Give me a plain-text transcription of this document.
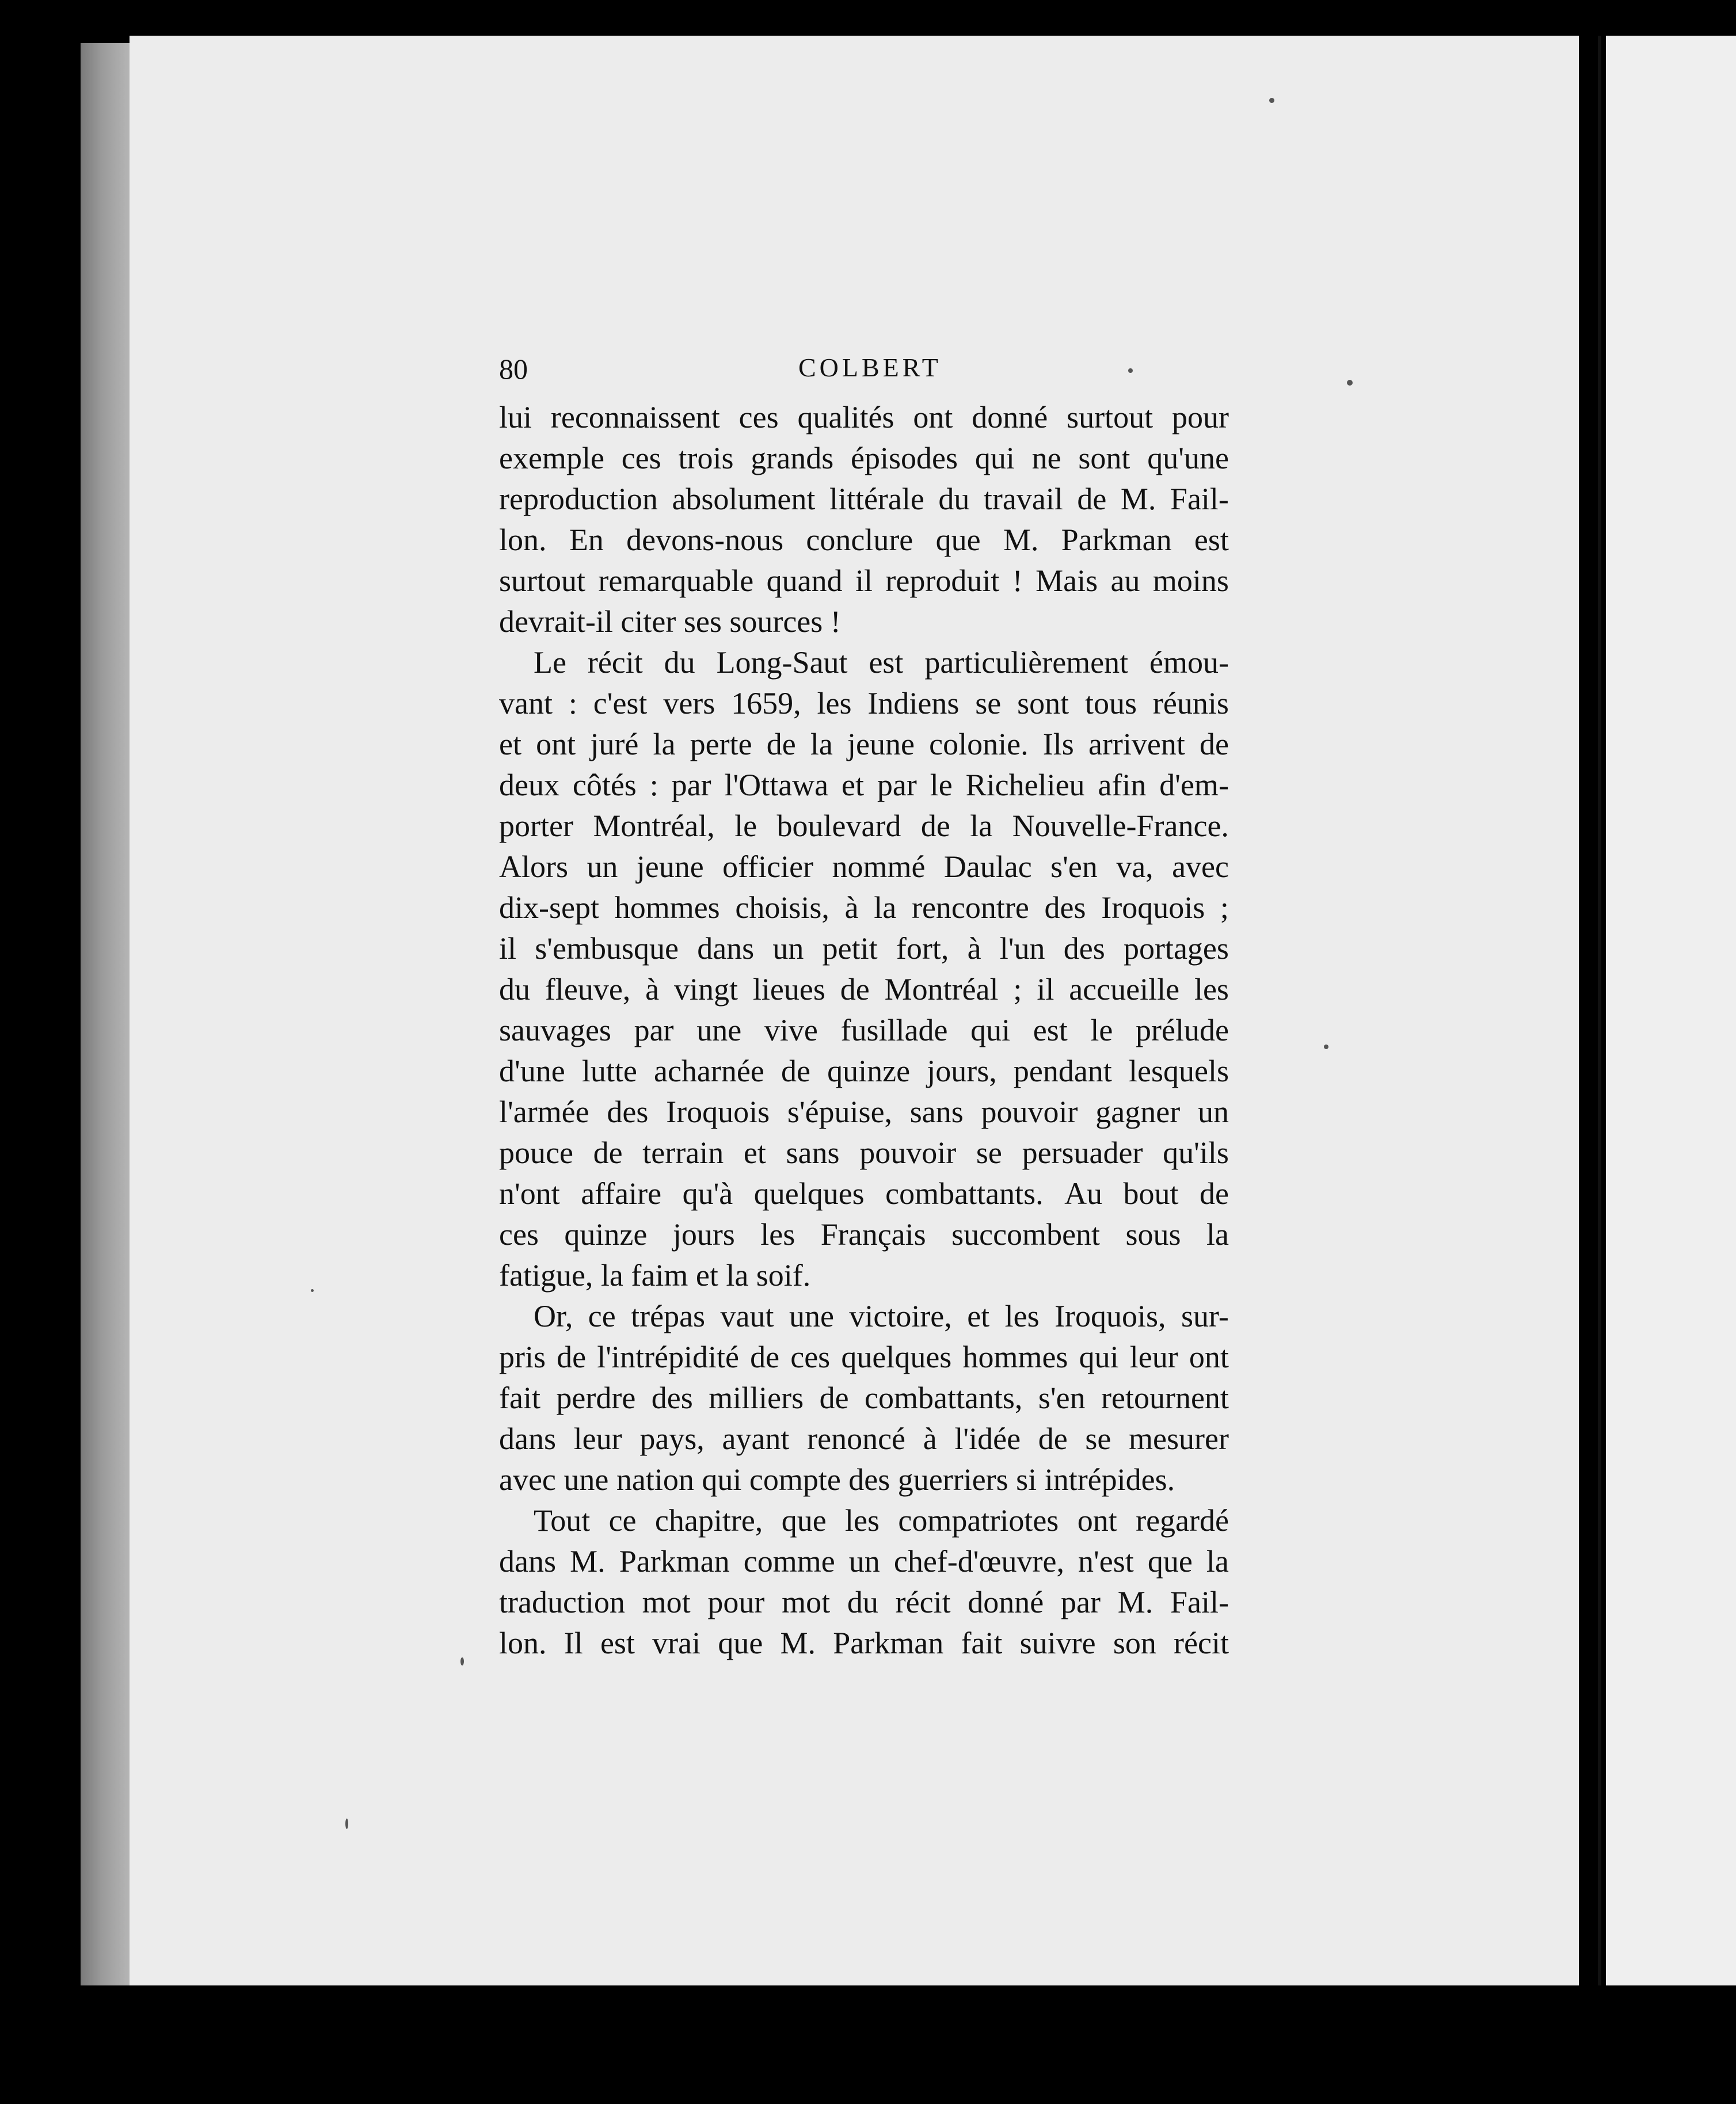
80	COLBERT
lui reconnaissent ces qualités ont donné surtout pour
exemple ces trois grands épisodes qui ne sont qu'une
reproduction absolument littérale du travail de M. Fail-
lon. En devons-nous conclure que M. Parkman est
surtout remarquable quand il reproduit ! Mais au moins
devrait-il citer ses sources !
Le récit du Long-Saut est particulièrement émou-
vant : c'est vers 1659, les Indiens se sont tous réunis
et ont juré la perte de la jeune colonie. Ils arrivent de
deux côtés : par l'Ottawa et par le Richelieu afin d'em-
porter Montréal, le boulevard de la Nouvelle-France.
Alors un jeune officier nommé Daulac s'en va, avec
dix-sept hommes choisis, à la rencontre des Iroquois ;
il s'embusque dans un petit fort, à l'un des portages
du fleuve, à vingt lieues de Montréal ; il accueille les
sauvages par une vive fusillade qui est le prélude
d'une lutte acharnée de quinze jours, pendant lesquels
l'armée des Iroquois s'épuise, sans pouvoir gagner un
pouce de terrain et sans pouvoir se persuader qu'ils
n'ont affaire qu'à quelques combattants. Au bout de
ces quinze jours les Français succombent sous la
fatigue, la faim et la soif.
Or, ce trépas vaut une victoire, et les Iroquois, sur-
pris de l'intrépidité de ces quelques hommes qui leur ont
fait perdre des milliers de combattants, s'en retournent
dans leur pays, ayant renoncé à l'idée de se mesurer
avec une nation qui compte des guerriers si intrépides.
Tout ce chapitre, que les compatriotes ont regardé
dans M. Parkman comme un chef-d'œuvre, n'est que la
traduction mot pour mot du récit donné par M. Fail-
lon. Il est vrai que M. Parkman fait suivre son récit
